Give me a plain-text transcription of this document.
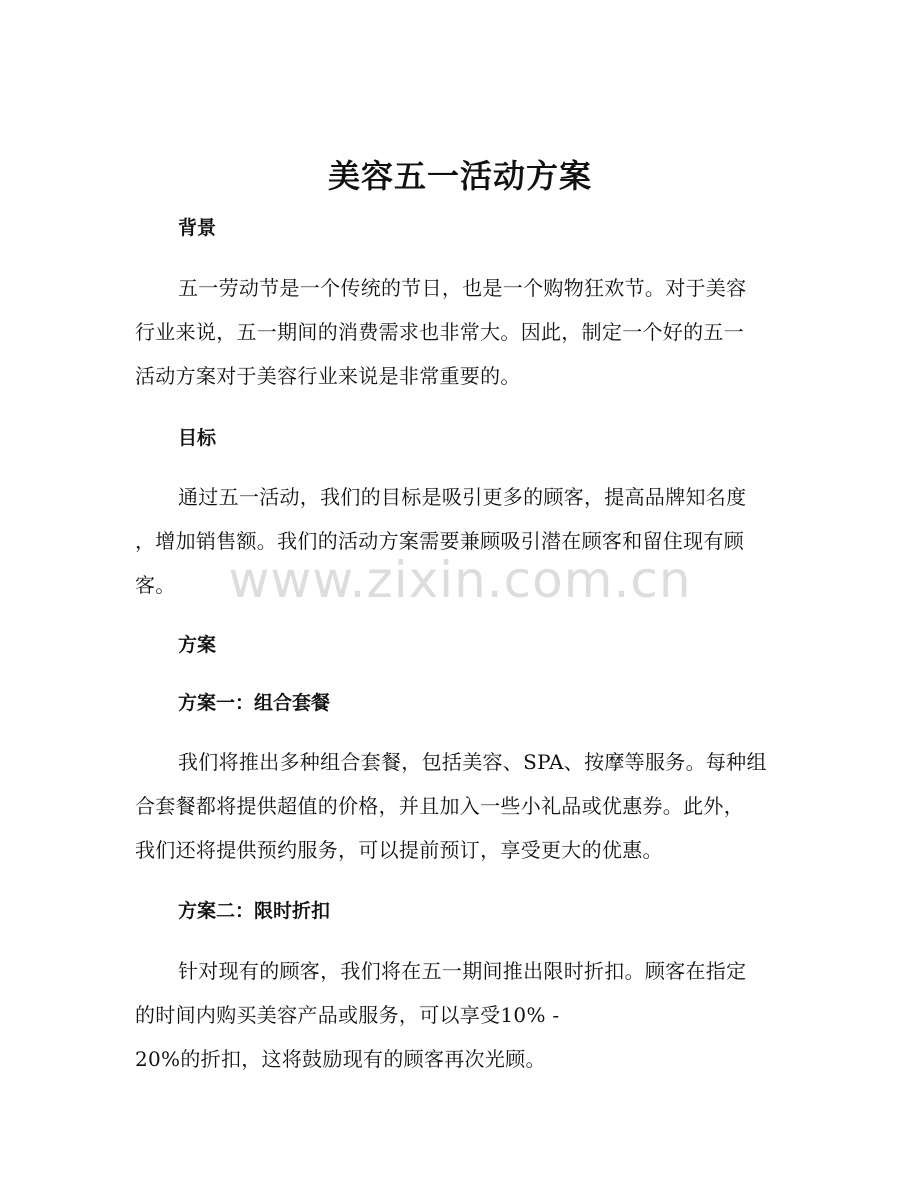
美容五一活动方案
背景
五一劳动节是一个传统的节日，也是一个购物狂欢节。对于美容
行业来说，五一期间的消费需求也非常大。因此，制定一个好的五一
活动方案对于美容行业来说是非常重要的。
目标
通过五一活动，我们的目标是吸引更多的顾客，提高品牌知名度
，增加销售额。我们的活动方案需要兼顾吸引潜在顾客和留住现有顾
客。
方案
方案一：组合套餐
我们将推出多种组合套餐，包括美容、SPA、按摩等服务。每种组
合套餐都将提供超值的价格，并且加入一些小礼品或优惠券。此外，
我们还将提供预约服务，可以提前预订，享受更大的优惠。
方案二：限时折扣
针对现有的顾客，我们将在五一期间推出限时折扣。顾客在指定
的时间内购买美容产品或服务，可以享受10% -
20%的折扣，这将鼓励现有的顾客再次光顾。
www.zixin.com.cn
